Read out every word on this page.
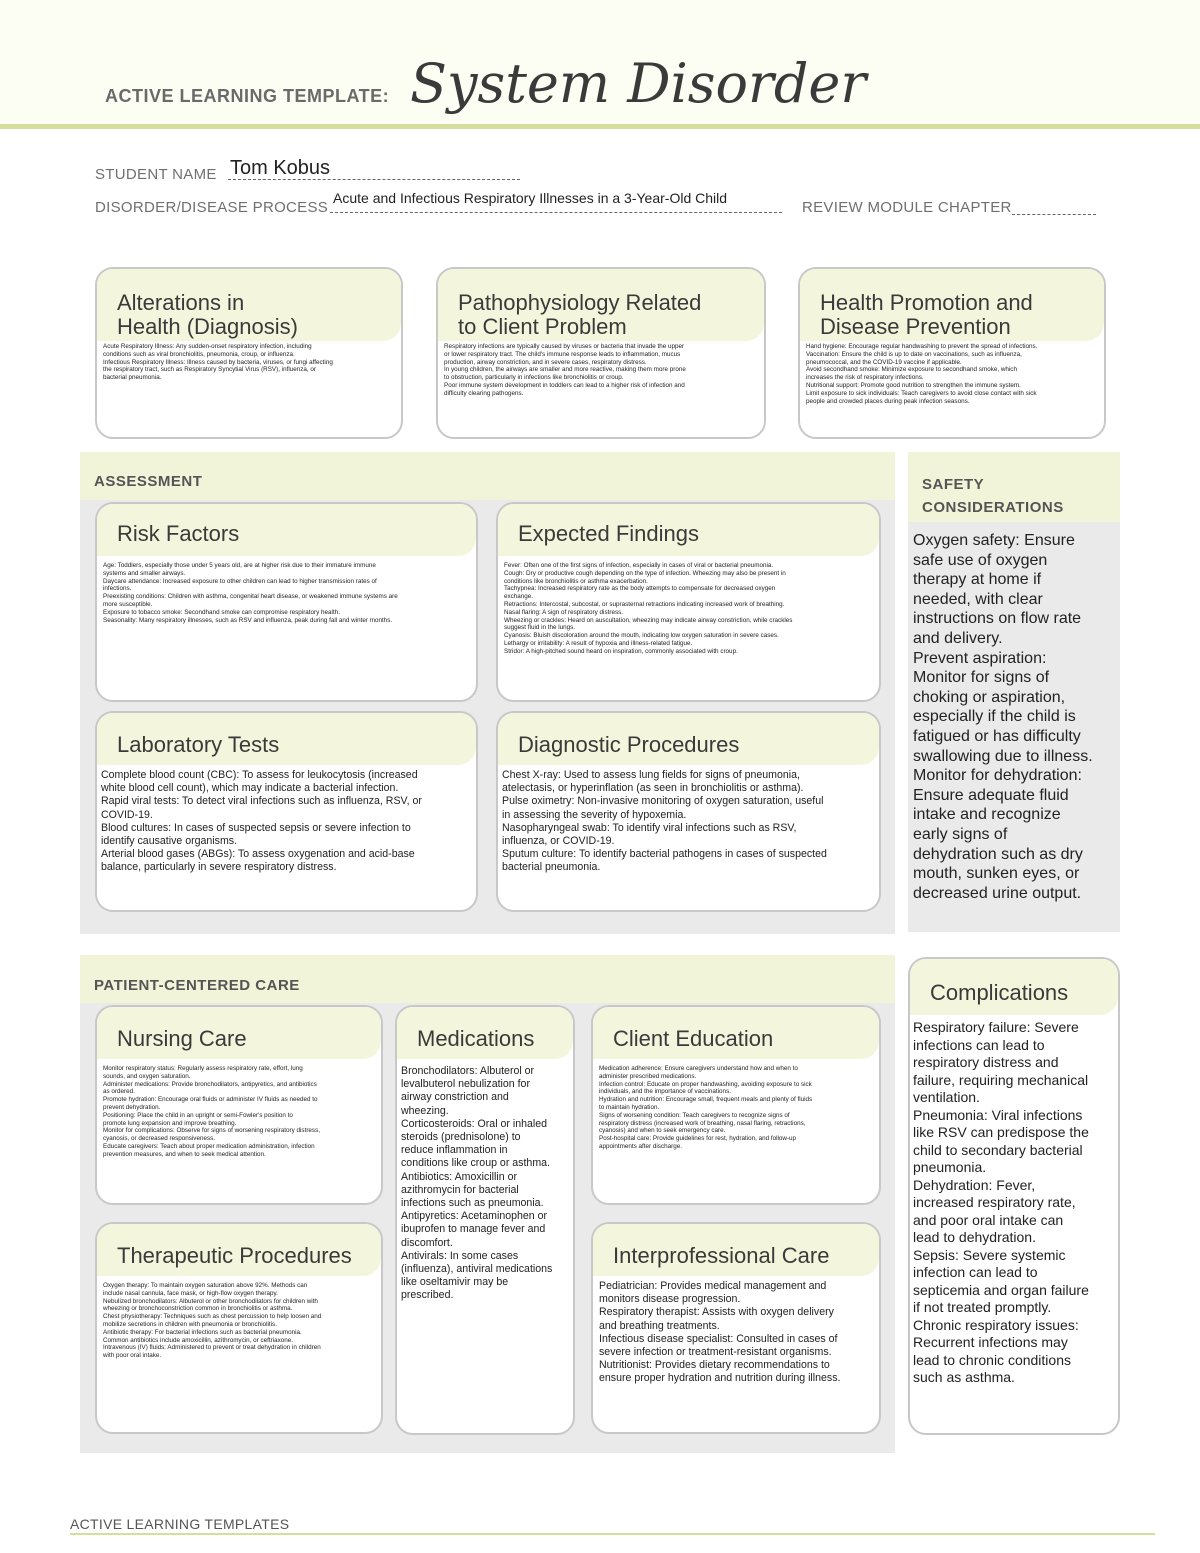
ACTIVE LEARNING TEMPLATE: System Disorder
STUDENT NAME Tom Kobus
DISORDER/DISEASE PROCESS
Acute and Infectious Respiratory Illnesses in a 3-Year-Old Child
REVIEW MODULE CHAPTER
Alterations in
Health (Diagnosis)
Acute Respiratory Illness: Any sudden-onset respiratory infection, including
conditions such as viral bronchiolitis, pneumonia, croup, or influenza.
Infectious Respiratory Illness: Illness caused by bacteria, viruses, or fungi affecting
the respiratory tract, such as Respiratory Syncytial Virus (RSV), influenza, or
bacterial pneumonia.
Pathophysiology Related
to Client Problem
Respiratory infections are typically caused by viruses or bacteria that invade the upper
or lower respiratory tract. The child's immune response leads to inflammation, mucus
production, airway constriction, and in severe cases, respiratory distress.
In young children, the airways are smaller and more reactive, making them more prone
to obstruction, particularly in infections like bronchiolitis or croup.
Poor immune system development in toddlers can lead to a higher risk of infection and
difficulty clearing pathogens.
Health Promotion and
Disease Prevention
Hand hygiene: Encourage regular handwashing to prevent the spread of infections.
Vaccination: Ensure the child is up to date on vaccinations, such as influenza,
pneumococcal, and the COVID-19 vaccine if applicable.
Avoid secondhand smoke: Minimize exposure to secondhand smoke, which
increases the risk of respiratory infections.
Nutritional support: Promote good nutrition to strengthen the immune system.
Limit exposure to sick individuals: Teach caregivers to avoid close contact with sick
people and crowded places during peak infection seasons.
ASSESSMENT
Risk Factors
Age: Toddlers, especially those under 5 years old, are at higher risk due to their immature immune
systems and smaller airways.
Daycare attendance: Increased exposure to other children can lead to higher transmission rates of
infections.
Preexisting conditions: Children with asthma, congenital heart disease, or weakened immune systems are
more susceptible.
Exposure to tobacco smoke: Secondhand smoke can compromise respiratory health.
Seasonality: Many respiratory illnesses, such as RSV and influenza, peak during fall and winter months.
Expected Findings
Fever: Often one of the first signs of infection, especially in cases of viral or bacterial pneumonia.
Cough: Dry or productive cough depending on the type of infection. Wheezing may also be present in
conditions like bronchiolitis or asthma exacerbation.
Tachypnea: Increased respiratory rate as the body attempts to compensate for decreased oxygen
exchange.
Retractions: Intercostal, subcostal, or suprasternal retractions indicating increased work of breathing.
Nasal flaring: A sign of respiratory distress.
Wheezing or crackles: Heard on auscultation, wheezing may indicate airway constriction, while crackles
suggest fluid in the lungs.
Cyanosis: Bluish discoloration around the mouth, indicating low oxygen saturation in severe cases.
Lethargy or irritability: A result of hypoxia and illness-related fatigue.
Stridor: A high-pitched sound heard on inspiration, commonly associated with croup.
Laboratory Tests
Complete blood count (CBC): To assess for leukocytosis (increased
white blood cell count), which may indicate a bacterial infection.
Rapid viral tests: To detect viral infections such as influenza, RSV, or
COVID-19.
Blood cultures: In cases of suspected sepsis or severe infection to
identify causative organisms.
Arterial blood gases (ABGs): To assess oxygenation and acid-base
balance, particularly in severe respiratory distress.
Diagnostic Procedures
Chest X-ray: Used to assess lung fields for signs of pneumonia,
atelectasis, or hyperinflation (as seen in bronchiolitis or asthma).
Pulse oximetry: Non-invasive monitoring of oxygen saturation, useful
in assessing the severity of hypoxemia.
Nasopharyngeal swab: To identify viral infections such as RSV,
influenza, or COVID-19.
Sputum culture: To identify bacterial pathogens in cases of suspected
bacterial pneumonia.
SAFETY
CONSIDERATIONS
Oxygen safety: Ensure
safe use of oxygen
therapy at home if
needed, with clear
instructions on flow rate
and delivery.
Prevent aspiration:
Monitor for signs of
choking or aspiration,
especially if the child is
fatigued or has difficulty
swallowing due to illness.
Monitor for dehydration:
Ensure adequate fluid
intake and recognize
early signs of
dehydration such as dry
mouth, sunken eyes, or
decreased urine output.
PATIENT-CENTERED CARE
Nursing Care
Monitor respiratory status: Regularly assess respiratory rate, effort, lung
sounds, and oxygen saturation.
Administer medications: Provide bronchodilators, antipyretics, and antibiotics
as ordered.
Promote hydration: Encourage oral fluids or administer IV fluids as needed to
prevent dehydration.
Positioning: Place the child in an upright or semi-Fowler's position to
promote lung expansion and improve breathing.
Monitor for complications: Observe for signs of worsening respiratory distress,
cyanosis, or decreased responsiveness.
Educate caregivers: Teach about proper medication administration, infection
prevention measures, and when to seek medical attention.
Medications
Bronchodilators: Albuterol or
levalbuterol nebulization for
airway constriction and
wheezing.
Corticosteroids: Oral or inhaled
steroids (prednisolone) to
reduce inflammation in
conditions like croup or asthma.
Antibiotics: Amoxicillin or
azithromycin for bacterial
infections such as pneumonia.
Antipyretics: Acetaminophen or
ibuprofen to manage fever and
discomfort.
Antivirals: In some cases
(influenza), antiviral medications
like oseltamivir may be
prescribed.
Client Education
Medication adherence: Ensure caregivers understand how and when to
administer prescribed medications.
Infection control: Educate on proper handwashing, avoiding exposure to sick
individuals, and the importance of vaccinations.
Hydration and nutrition: Encourage small, frequent meals and plenty of fluids
to maintain hydration.
Signs of worsening condition: Teach caregivers to recognize signs of
respiratory distress (increased work of breathing, nasal flaring, retractions,
cyanosis) and when to seek emergency care.
Post-hospital care: Provide guidelines for rest, hydration, and follow-up
appointments after discharge.
Therapeutic Procedures
Oxygen therapy: To maintain oxygen saturation above 92%. Methods can
include nasal cannula, face mask, or high-flow oxygen therapy.
Nebulized bronchodilators: Albuterol or other bronchodilators for children with
wheezing or bronchoconstriction common in bronchiolitis or asthma.
Chest physiotherapy: Techniques such as chest percussion to help loosen and
mobilize secretions in children with pneumonia or bronchiolitis.
Antibiotic therapy: For bacterial infections such as bacterial pneumonia.
Common antibiotics include amoxicillin, azithromycin, or ceftriaxone.
Intravenous (IV) fluids: Administered to prevent or treat dehydration in children
with poor oral intake.
Interprofessional Care
Pediatrician: Provides medical management and
monitors disease progression.
Respiratory therapist: Assists with oxygen delivery
and breathing treatments.
Infectious disease specialist: Consulted in cases of
severe infection or treatment-resistant organisms.
Nutritionist: Provides dietary recommendations to
ensure proper hydration and nutrition during illness.
Complications
Respiratory failure: Severe
infections can lead to
respiratory distress and
failure, requiring mechanical
ventilation.
Pneumonia: Viral infections
like RSV can predispose the
child to secondary bacterial
pneumonia.
Dehydration: Fever,
increased respiratory rate,
and poor oral intake can
lead to dehydration.
Sepsis: Severe systemic
infection can lead to
septicemia and organ failure
if not treated promptly.
Chronic respiratory issues:
Recurrent infections may
lead to chronic conditions
such as asthma.
ACTIVE LEARNING TEMPLATES
